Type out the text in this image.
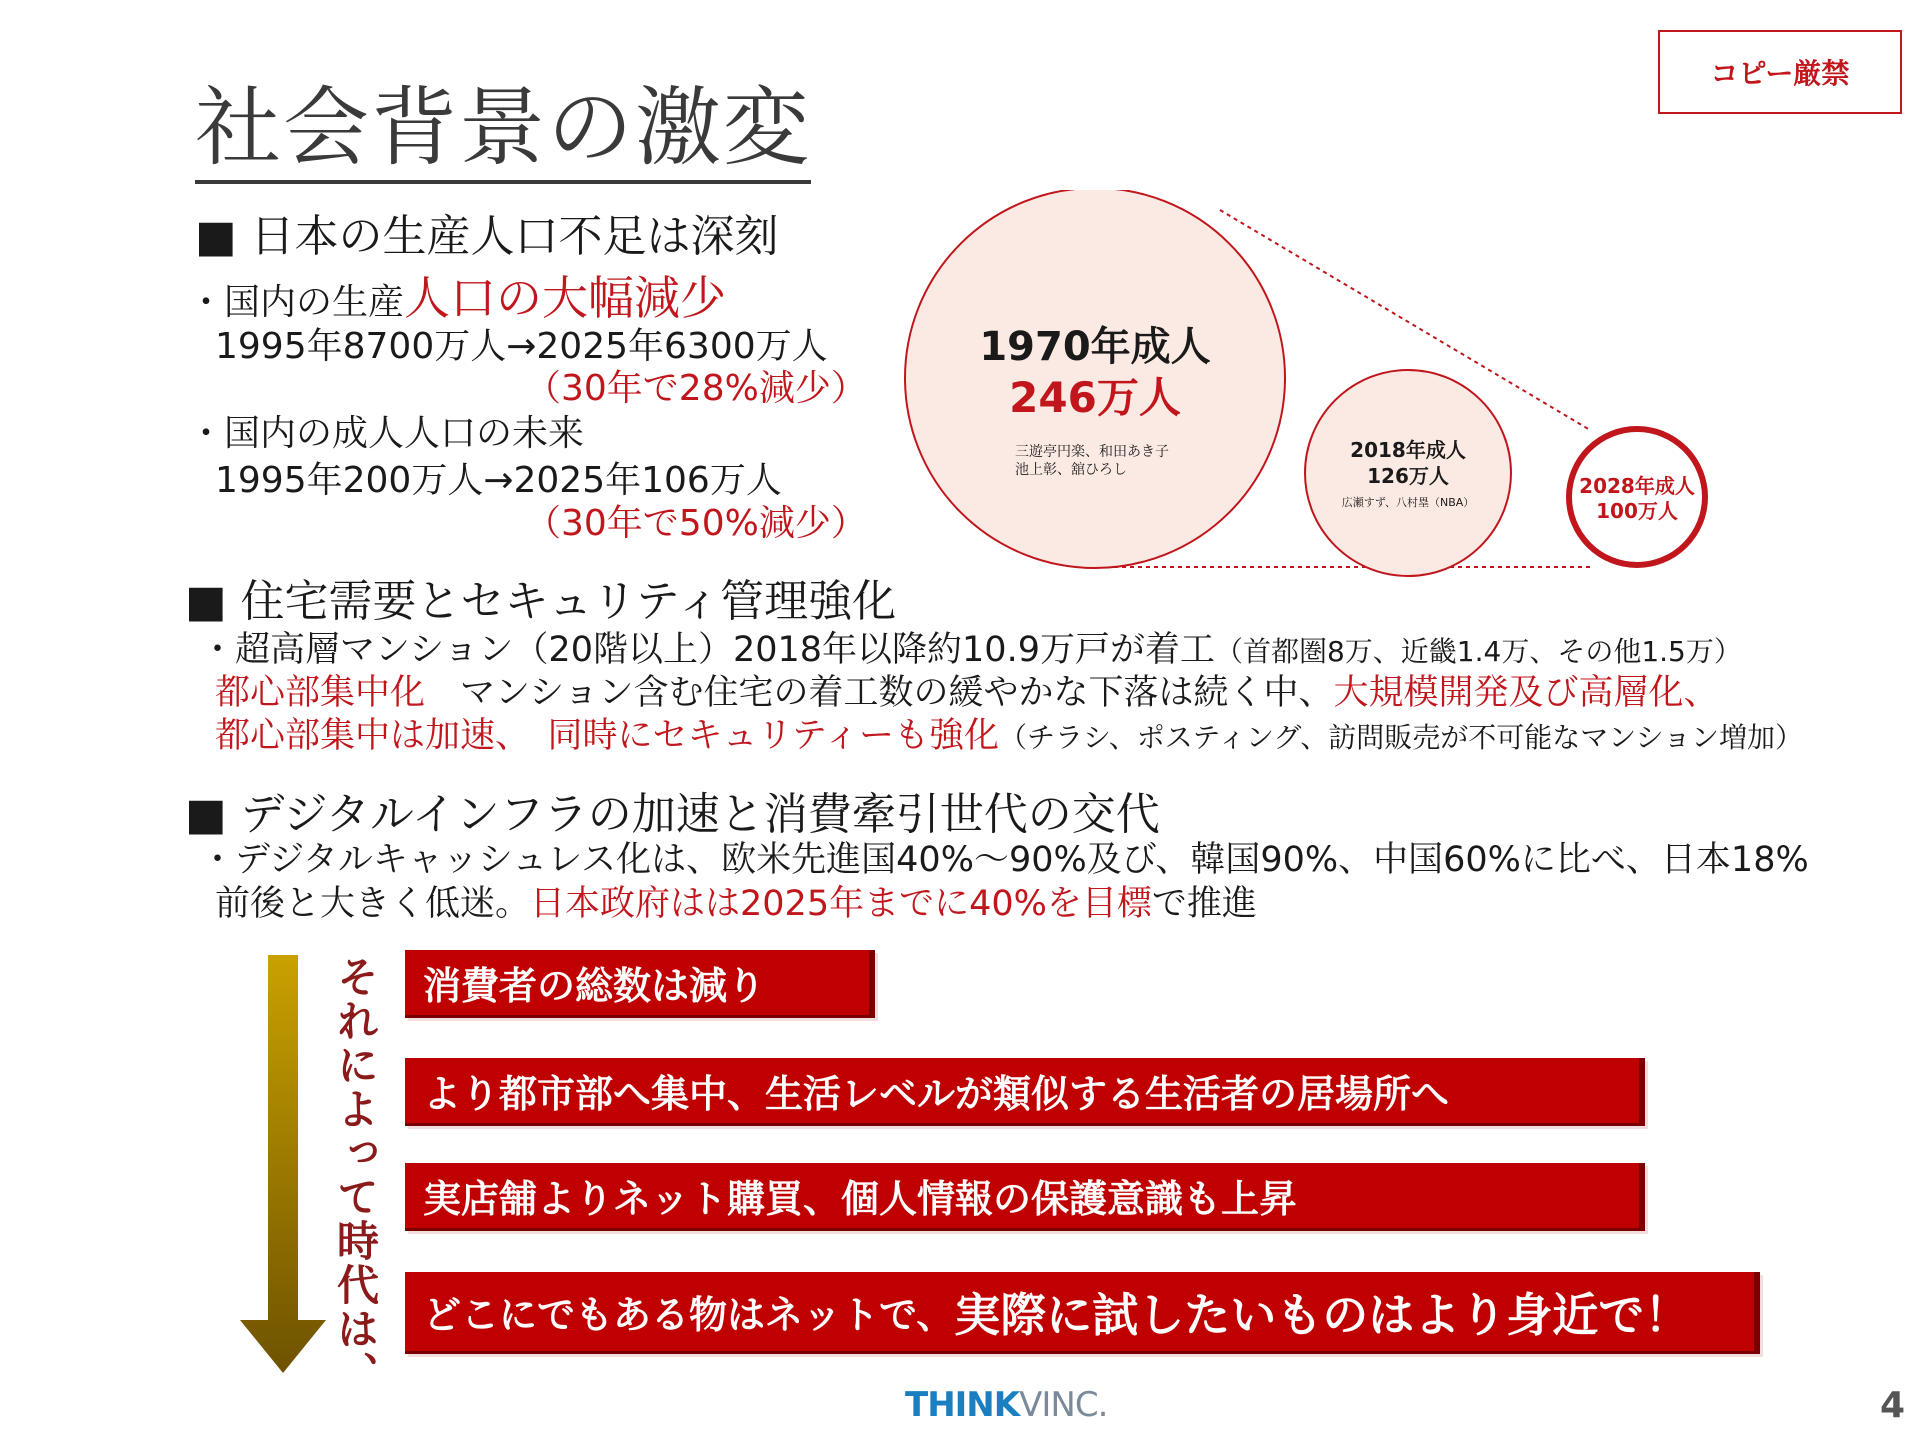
コピー厳禁
社会背景の激変
■ 日本の生産人口不足は深刻
・国内の生産人口の大幅減少
1995年8700万人→2025年6300万人
（30年で28%減少）
・国内の成人人口の未来
1995年200万人→2025年106万人
（30年で50%減少）
1970年成人
246万人
三遊亭円楽、和田あき子
池上彰、舘ひろし
2018年成人
126万人
広瀬すず、八村塁（NBA）
2028年成人
100万人
■ 住宅需要とセキュリティ管理強化
・超高層マンション（20階以上）2018年以降約10.9万戸が着工（首都圏8万、近畿1.4万、その他1.5万）
都心部集中化　マンション含む住宅の着工数の緩やかな下落は続く中、大規模開発及び高層化、
都心部集中は加速、　同時にセキュリティーも強化（チラシ、ポスティング、訪問販売が不可能なマンション増加）
■ デジタルインフラの加速と消費牽引世代の交代
・デジタルキャッシュレス化は、欧米先進国40%～90%及び、韓国90%、中国60%に比べ、日本18%
前後と大きく低迷。日本政府はは2025年までに40%を目標で推進
それによって時代は、	消費者の総数は減り
より都市部へ集中、生活レベルが類似する生活者の居場所へ
実店舗よりネット購買、個人情報の保護意識も上昇
どこにでもある物はネットで、 実際に試したいものはより身近で！
THINKVINC.	4
